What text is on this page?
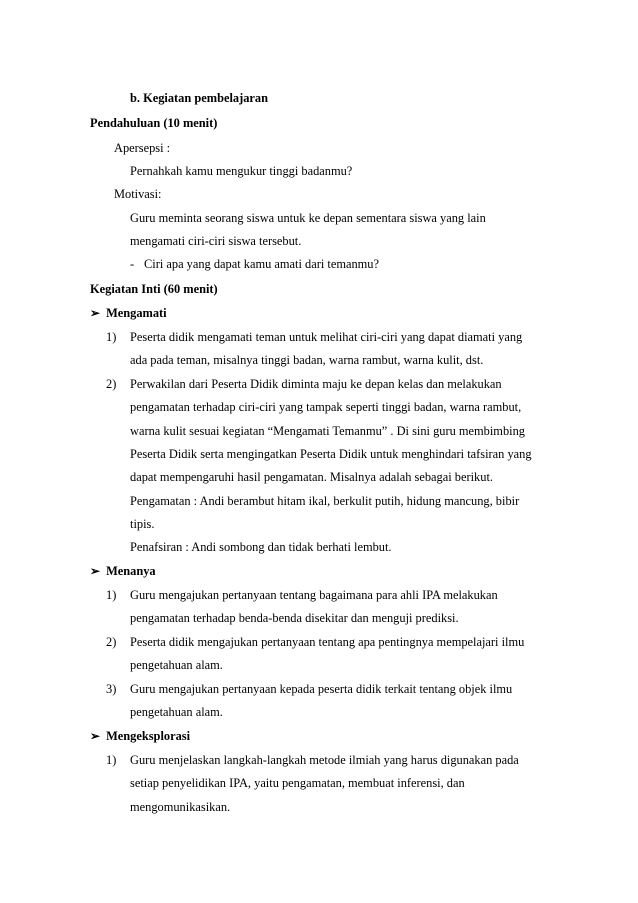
b. Kegiatan pembelajaran
Pendahuluan (10 menit)
Apersepsi :
Pernahkah kamu mengukur tinggi badanmu?
Motivasi:
Guru meminta seorang siswa untuk ke depan sementara siswa yang lain
mengamati ciri-ciri siswa tersebut.
- Ciri apa yang dapat kamu amati dari temanmu?
Kegiatan Inti (60 menit)
➢ Mengamati
1) Peserta didik mengamati teman untuk melihat ciri-ciri yang dapat diamati yang
ada pada teman, misalnya tinggi badan, warna rambut, warna kulit, dst.
2) Perwakilan dari Peserta Didik diminta maju ke depan kelas dan melakukan
pengamatan terhadap ciri-ciri yang tampak seperti tinggi badan, warna rambut,
warna kulit sesuai kegiatan “Mengamati Temanmu” . Di sini guru membimbing
Peserta Didik serta mengingatkan Peserta Didik untuk menghindari tafsiran yang
dapat mempengaruhi hasil pengamatan. Misalnya adalah sebagai berikut.
Pengamatan : Andi berambut hitam ikal, berkulit putih, hidung mancung, bibir
tipis.
Penafsiran : Andi sombong dan tidak berhati lembut.
➢ Menanya
1) Guru mengajukan pertanyaan tentang bagaimana para ahli IPA melakukan
pengamatan terhadap benda-benda disekitar dan menguji prediksi.
2) Peserta didik mengajukan pertanyaan tentang apa pentingnya mempelajari ilmu
pengetahuan alam.
3) Guru mengajukan pertanyaan kepada peserta didik terkait tentang objek ilmu
pengetahuan alam.
➢ Mengeksplorasi
1) Guru menjelaskan langkah-langkah metode ilmiah yang harus digunakan pada
setiap penyelidikan IPA, yaitu pengamatan, membuat inferensi, dan
mengomunikasikan.
